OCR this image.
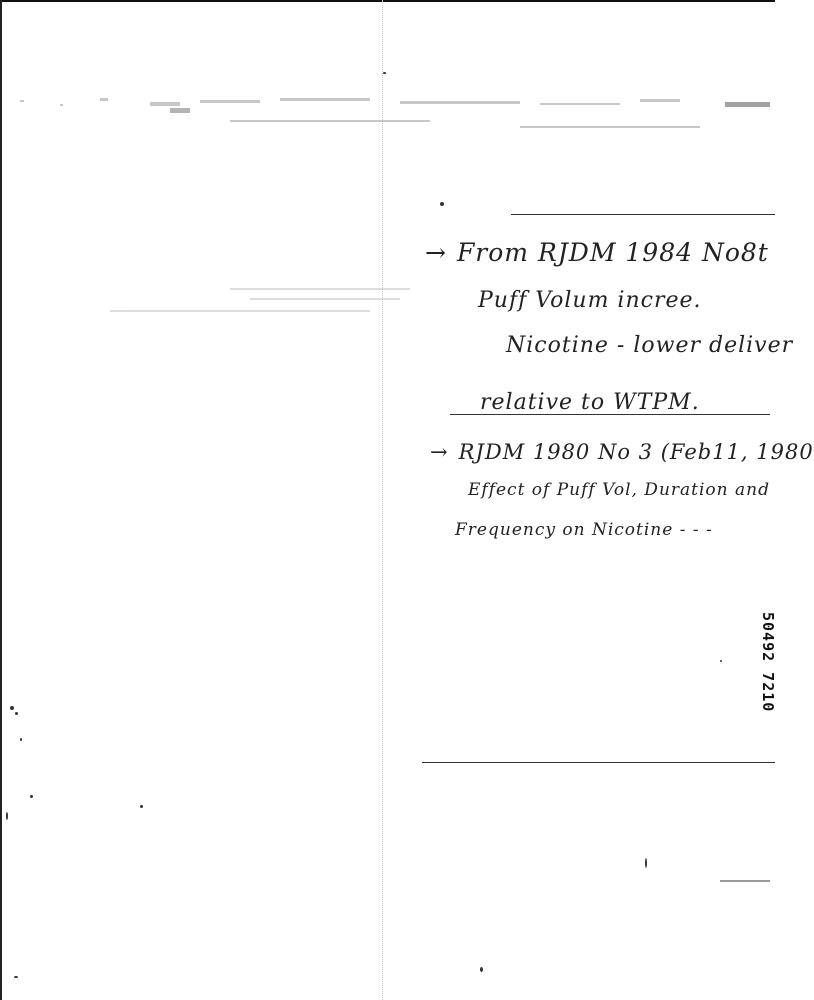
→ From RJDM 1984 No8t
Puff Volum incree.
Nicotine - lower deliver
relative to WTPM.
→ RJDM 1980 No 3 (Feb11, 1980
Effect of Puff Vol, Duration and
Frequency on Nicotine - - -
50492 7210
